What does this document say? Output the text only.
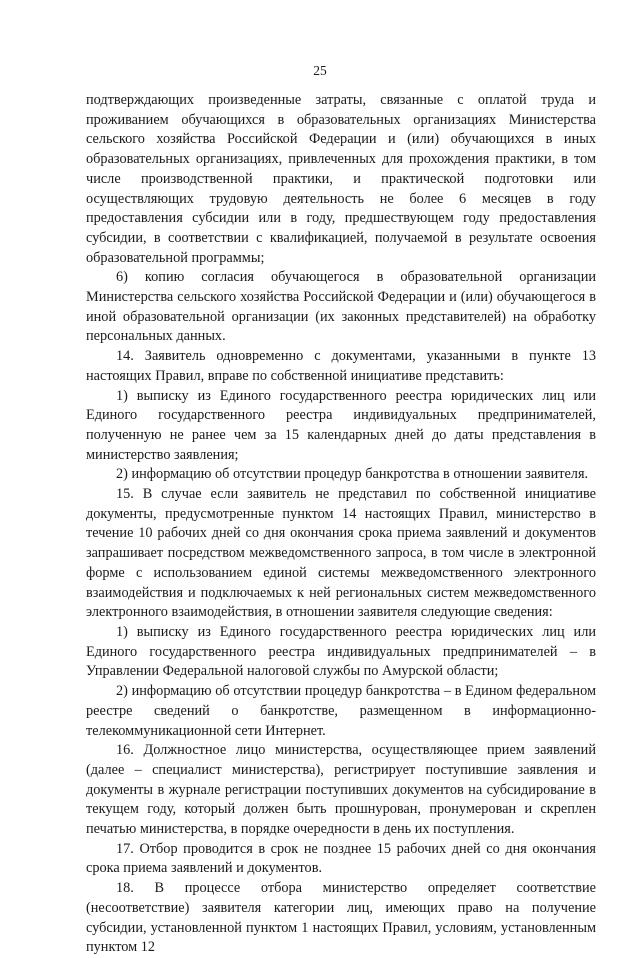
25

подтверждающих произведенные затраты, связанные с оплатой труда и проживанием обучающихся в образовательных организациях Министерства сельского хозяйства Российской Федерации и (или) обучающихся в иных образовательных организациях, привлеченных для прохождения практики, в том числе производственной практики, и практической подготовки или осуществляющих трудовую деятельность не более 6 месяцев в году предоставления субсидии или в году, предшествующем году предоставления субсидии, в соответствии с квалификацией, получаемой в результате освоения образовательной программы;

6) копию согласия обучающегося в образовательной организации Министерства сельского хозяйства Российской Федерации и (или) обучающегося в иной образовательной организации (их законных представителей) на обработку персональных данных.

14. Заявитель одновременно с документами, указанными в пункте 13 настоящих Правил, вправе по собственной инициативе представить:

1) выписку из Единого государственного реестра юридических лиц или Единого государственного реестра индивидуальных предпринимателей, полученную не ранее чем за 15 календарных дней до даты представления в министерство заявления;

2) информацию об отсутствии процедур банкротства в отношении заявителя.

15. В случае если заявитель не представил по собственной инициативе документы, предусмотренные пунктом 14 настоящих Правил, министерство в течение 10 рабочих дней со дня окончания срока приема заявлений и документов запрашивает посредством межведомственного запроса, в том числе в электронной форме с использованием единой системы межведомственного электронного взаимодействия и подключаемых к ней региональных систем межведомственного электронного взаимодействия, в отношении заявителя следующие сведения:

1) выписку из Единого государственного реестра юридических лиц или Единого государственного реестра индивидуальных предпринимателей – в Управлении Федеральной налоговой службы по Амурской области;

2) информацию об отсутствии процедур банкротства – в Едином федеральном реестре сведений о банкротстве, размещенном в информационно-телекоммуникационной сети Интернет.

16. Должностное лицо министерства, осуществляющее прием заявлений (далее – специалист министерства), регистрирует поступившие заявления и документы в журнале регистрации поступивших документов на субсидирование в текущем году, который должен быть прошнурован, пронумерован и скреплен печатью министерства, в порядке очередности в день их поступления.

17. Отбор проводится в срок не позднее 15 рабочих дней со дня окончания срока приема заявлений и документов.

18. В процессе отбора министерство определяет соответствие (несоответствие) заявителя категории лиц, имеющих право на получение субсидии, установленной пунктом 1 настоящих Правил, условиям, установленным пунктом 12
